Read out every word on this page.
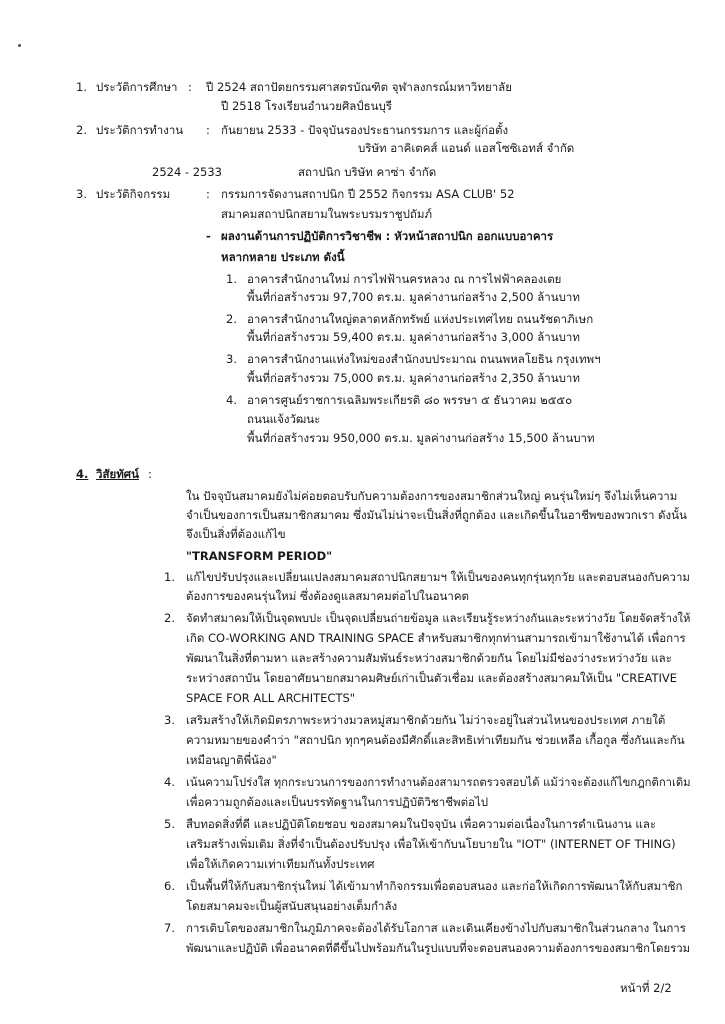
1. ประวัติการศึกษา : ปี 2524 สถาปัตยกรรมศาสตรบัณฑิต จุฬาลงกรณ์มหาวิทยาลัย
ปี 2518 โรงเรียนอำนวยศิลป์ธนบุรี
2. ประวัติการทำงาน : กันยายน 2533 - ปัจจุบันรองประธานกรรมการ และผู้ก่อตั้ง
บริษัท อาคิเตคส์ แอนด์ แอสโซซิเอทส์ จำกัด
2524 - 2533	สถาปนิก บริษัท คาซ่า จำกัด
3. ประวัติกิจกรรม	: กรรมการจัดงานสถาปนิก ปี 2552 กิจกรรม ASA CLUB' 52
สมาคมสถาปนิกสยามในพระบรมราชูปถัมภ์
- ผลงานด้านการปฏิบัติการวิชาชีพ : หัวหน้าสถาปนิก ออกแบบอาคาร
หลากหลาย ประเภท ดังนี้
1. อาคารสำนักงานใหม่ การไฟฟ้านครหลวง ณ การไฟฟ้าคลองเตย
พื้นที่ก่อสร้างรวม 97,700 ตร.ม. มูลค่างานก่อสร้าง 2,500 ล้านบาท
2. อาคารสำนักงานใหญ่ตลาดหลักทรัพย์ แห่งประเทศไทย ถนนรัชดาภิเษก
พื้นที่ก่อสร้างรวม 59,400 ตร.ม. มูลค่างานก่อสร้าง 3,000 ล้านบาท
3. อาคารสำนักงานแห่งใหม่ของสำนักงบประมาณ ถนนพหลโยธิน กรุงเทพฯ
พื้นที่ก่อสร้างรวม 75,000 ตร.ม. มูลค่างานก่อสร้าง 2,350 ล้านบาท
4. อาคารศูนย์ราชการเฉลิมพระเกียรติ ๘๐ พรรษา ๕ ธันวาคม ๒๕๕๐
ถนนแจ้งวัฒนะ
พื้นที่ก่อสร้างรวม 950,000 ตร.ม. มูลค่างานก่อสร้าง 15,500 ล้านบาท
4. วิสัยทัศน์ :
ใน ปัจจุบันสมาคมยังไม่ค่อยตอบรับกับความต้องการของสมาชิกส่วนใหญ่ คนรุ่นใหม่ๆ จึงไม่เห็นความ
จำเป็นของการเป็นสมาชิกสมาคม ซึ่งมันไม่น่าจะเป็นสิ่งที่ถูกต้อง และเกิดขึ้นในอาชีพของพวกเรา ดังนั้น
จึงเป็นสิ่งที่ต้องแก้ไข
"TRANSFORM PERIOD"
1. แก้ไขปรับปรุงและเปลี่ยนแปลงสมาคมสถาปนิกสยามฯ ให้เป็นของคนทุกรุ่นทุกวัย และตอบสนองกับความ
ต้องการของคนรุ่นใหม่ ซึ่งต้องดูแลสมาคมต่อไปในอนาคต
2. จัดทำสมาคมให้เป็นจุดพบปะ เป็นจุดเปลี่ยนถ่ายข้อมูล และเรียนรู้ระหว่างกันและระหว่างวัย โดยจัดสร้างให้
เกิด CO-WORKING AND TRAINING SPACE สำหรับสมาชิกทุกท่านสามารถเข้ามาใช้งานได้ เพื่อการ
พัฒนาในสิ่งที่ตามหา และสร้างความสัมพันธ์ระหว่างสมาชิกด้วยกัน โดยไม่มีช่องว่างระหว่างวัย และ
ระหว่างสถาบัน โดยอาศัยนายกสมาคมศิษย์เก่าเป็นตัวเชื่อม และต้องสร้างสมาคมให้เป็น "CREATIVE
SPACE FOR ALL ARCHITECTS"
3. เสริมสร้างให้เกิดมิตรภาพระหว่างมวลหมู่สมาชิกด้วยกัน ไม่ว่าจะอยู่ในส่วนไหนของประเทศ ภายใต้
ความหมายของคำว่า "สถาปนิก ทุกๆคนต้องมีศักดิ์และสิทธิเท่าเทียมกัน ช่วยเหลือ เกื้อกูล ซึ่งกันและกัน
เหมือนญาติพี่น้อง"
4. เน้นความโปร่งใส ทุกกระบวนการของการทำงานต้องสามารถตรวจสอบได้ แม้ว่าจะต้องแก้ไขกฎกติกาเดิม
เพื่อความถูกต้องและเป็นบรรทัดฐานในการปฏิบัติวิชาชีพต่อไป
5. สืบทอดสิ่งที่ดี และปฏิบัติโดยชอบ ของสมาคมในปัจจุบัน เพื่อความต่อเนื่องในการดำเนินงาน และ
เสริมสร้างเพิ่มเติม สิ่งที่จำเป็นต้องปรับปรุง เพื่อให้เข้ากับนโยบายใน "IOT" (INTERNET OF THING)
เพื่อให้เกิดความเท่าเทียมกันทั้งประเทศ
6. เป็นพื้นที่ให้กับสมาชิกรุ่นใหม่ ได้เข้ามาทำกิจกรรมเพื่อตอบสนอง และก่อให้เกิดการพัฒนาให้กับสมาชิก
โดยสมาคมจะเป็นผู้สนับสนุนอย่างเต็มกำลัง
7. การเติบโตของสมาชิกในภูมิภาคจะต้องได้รับโอกาส และเดินเคียงข้างไปกับสมาชิกในส่วนกลาง ในการ
พัฒนาและปฏิบัติ เพื่ออนาคตที่ดีขึ้นไปพร้อมกันในรูปแบบที่จะตอบสนองความต้องการของสมาชิกโดยรวม
หน้าที่ 2/2
